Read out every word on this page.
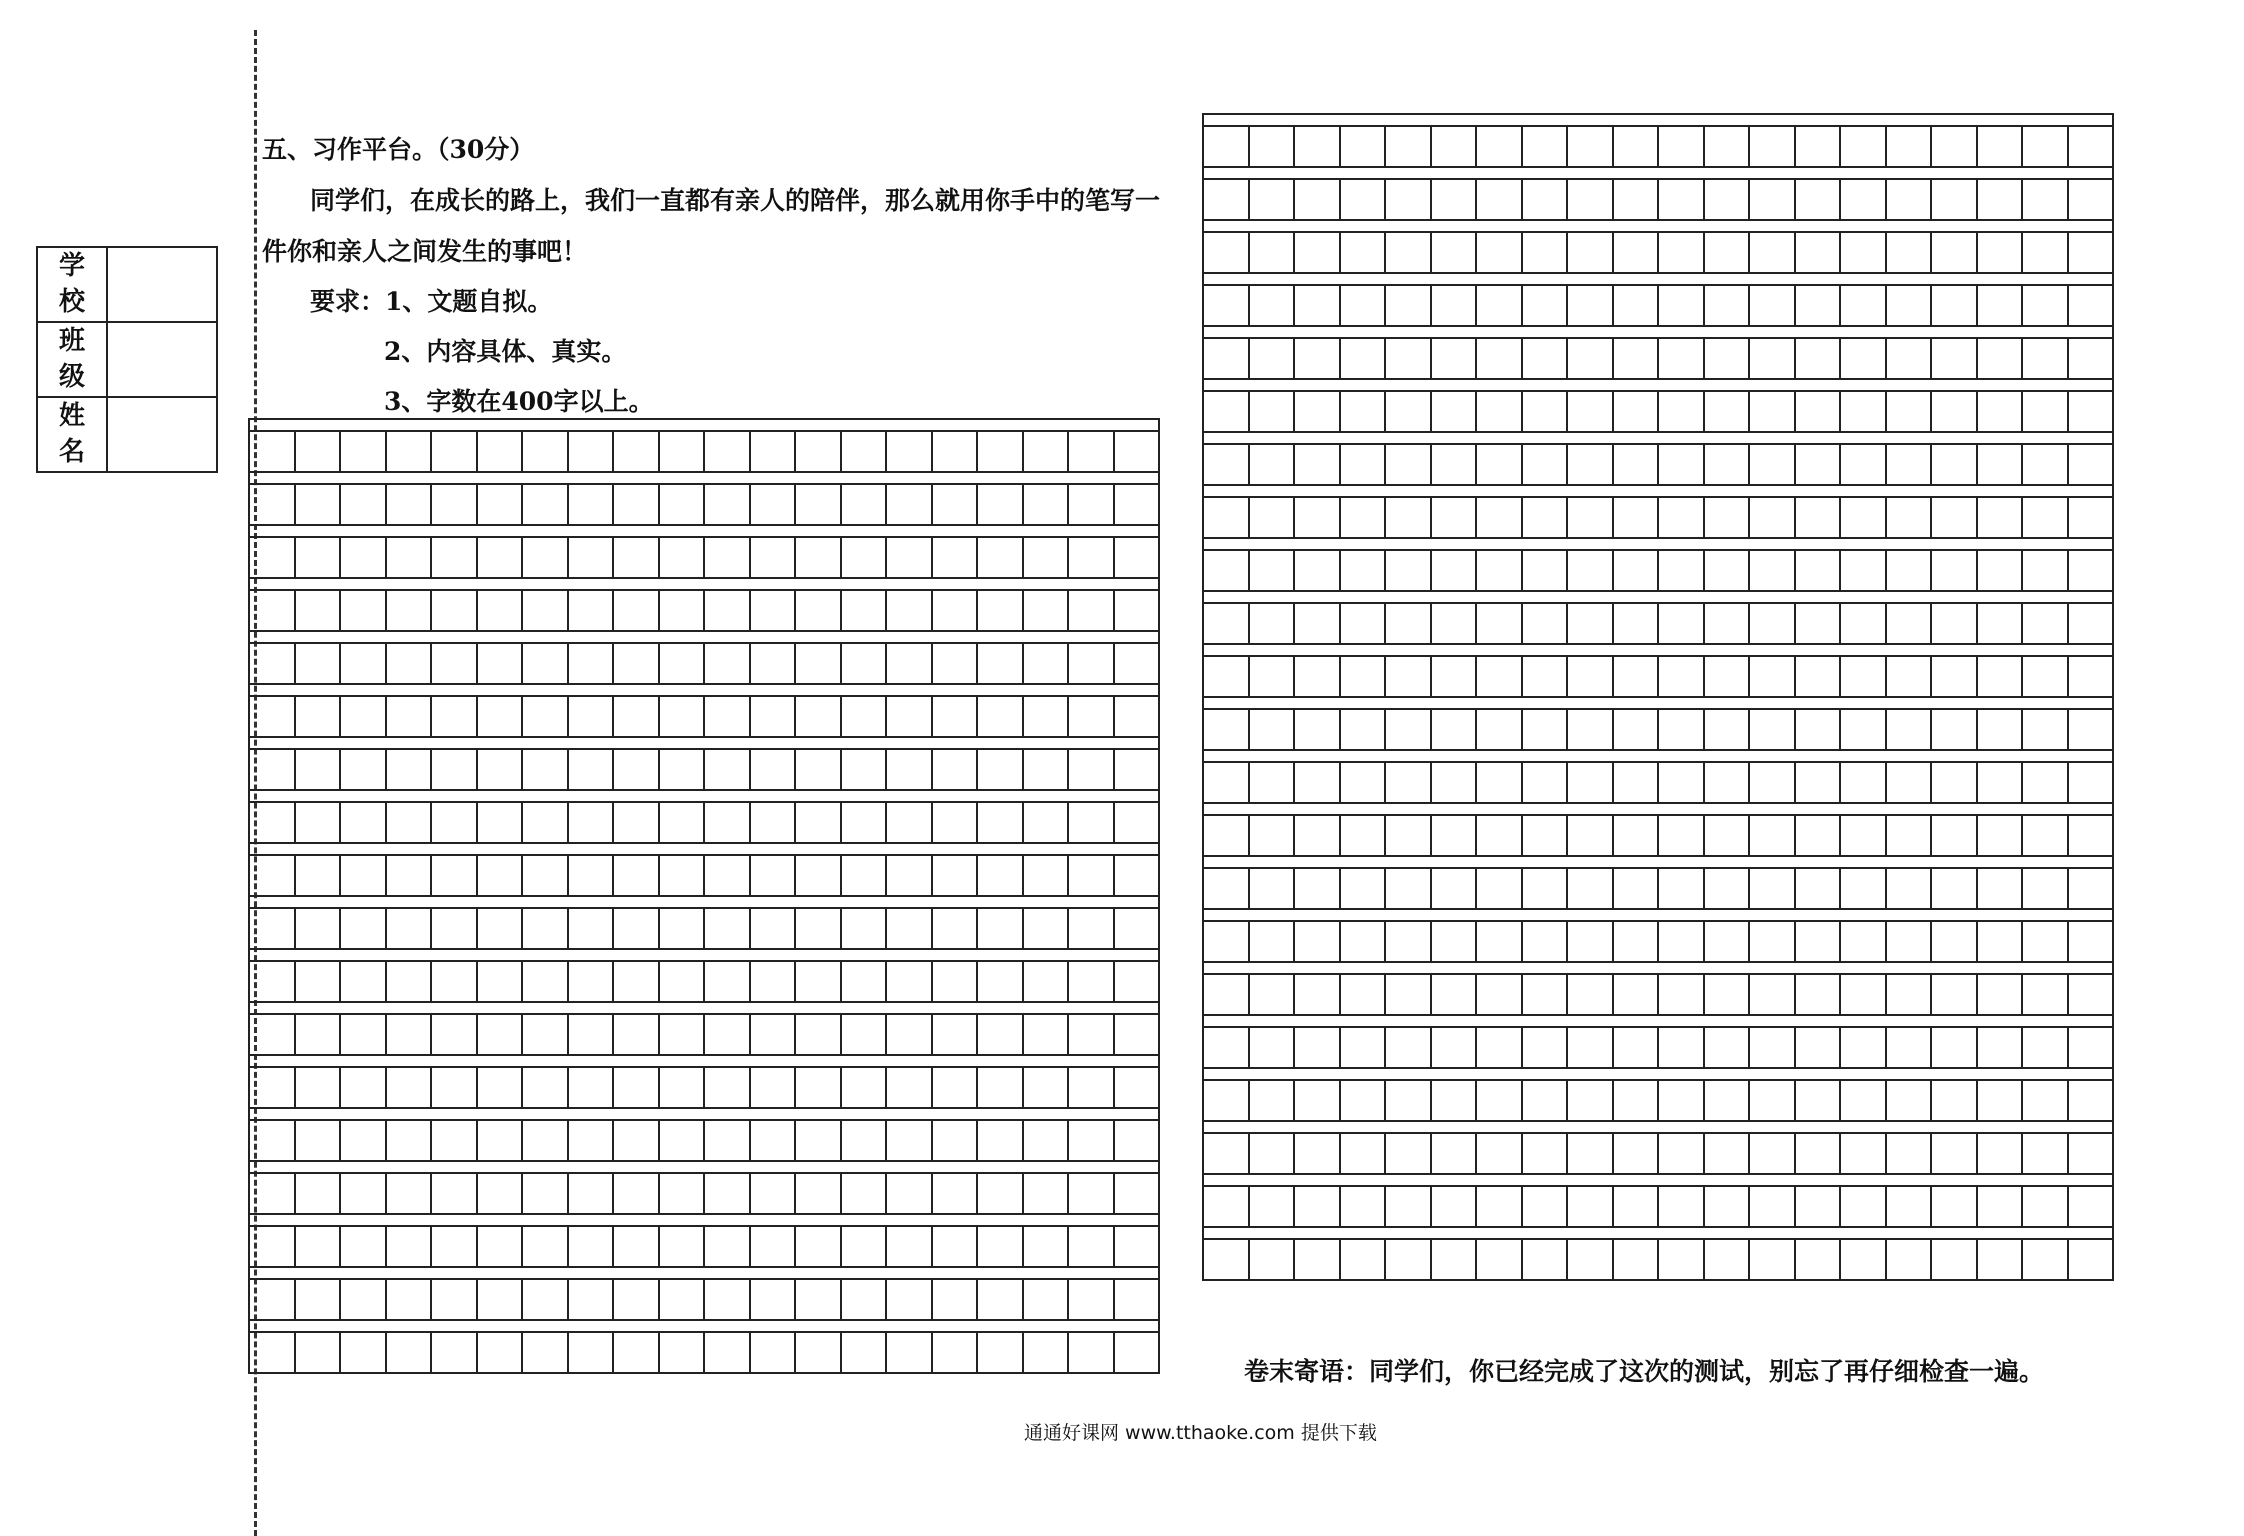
学校	
班级	
姓名	
五、习作平台。（30分）
同学们，在成长的路上，我们一直都有亲人的陪伴，那么就用你手中的笔写一
件你和亲人之间发生的事吧！
要求：1、文题自拟。
2、内容具体、真实。
3、字数在400字以上。
卷末寄语：同学们，你已经完成了这次的测试，别忘了再仔细检查一遍。
通通好课网 www.tthaoke.com 提供下载
